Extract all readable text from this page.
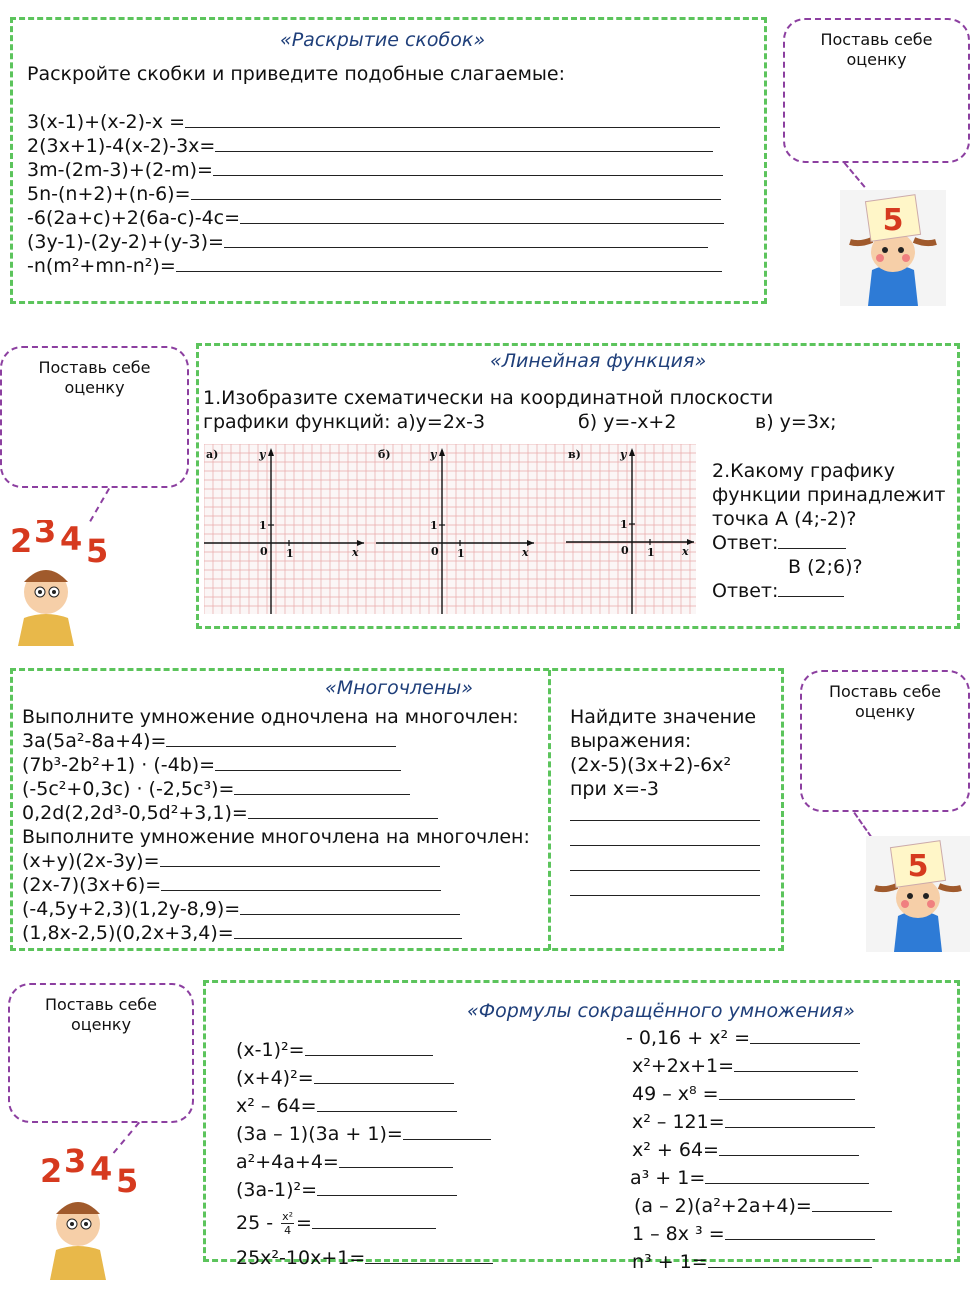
«Раскрытие скобок»
Раскройте скобки и приведите подобные слагаемые:
3(x-1)+(x-2)-x =
2(3x+1)-4(x-2)-3x=
3m-(2m-3)+(2-m)=
5n-(n+2)+(n-6)=
-6(2a+c)+2(6a-c)-4c=
(3y-1)-(2y-2)+(y-3)=
-n(m²+mn-n²)=
Поставь себе оценку
5
«Линейная функция»
1.Изобразите схематически на координатной плоскости
графики функций: а)y=2x-3	б) y=-x+2	в) y=3x;
а)	y
x
0
1
1
б)	y
x
0
1
1
в)	y
x
0
1
1
2.Какому графику
функции принадлежит
точка А (4;-2)?
Ответ:
В (2;6)?
Ответ:
Поставь себе оценку
2 3 4 5
«Многочлены»
Выполните умножение одночлена на многочлен:
3a(5a²-8a+4)=
(7b³-2b²+1) · (-4b)=
(-5c²+0,3c) · (-2,5c³)=
0,2d(2,2d³-0,5d²+3,1)=
Выполните умножение многочлена на многочлен:
(x+y)(2x-3y)=
(2x-7)(3x+6)=
(-4,5y+2,3)(1,2y-8,9)=
(1,8x-2,5)(0,2x+3,4)=
Найдите значение
выражения:
(2x-5)(3x+2)-6x²
при x=-3
Поставь себе оценку
5
«Формулы сокращённого умножения»
(x-1)²=
(x+4)²=
x² – 64=
(3a – 1)(3a + 1)=
a²+4a+4=
(3a-1)²=
$25 - \frac{\text{x²}}{4}$ =
25x²-10x+1=
- 0,16 + x² =
x²+2x+1=
49 – x⁸ =
x² – 121=
x² + 64=
a³ + 1=
(a – 2)(a²+2a+4)=
1 – 8x ³ =
n³ + 1=
Поставь себе оценку
2 3 4 5
